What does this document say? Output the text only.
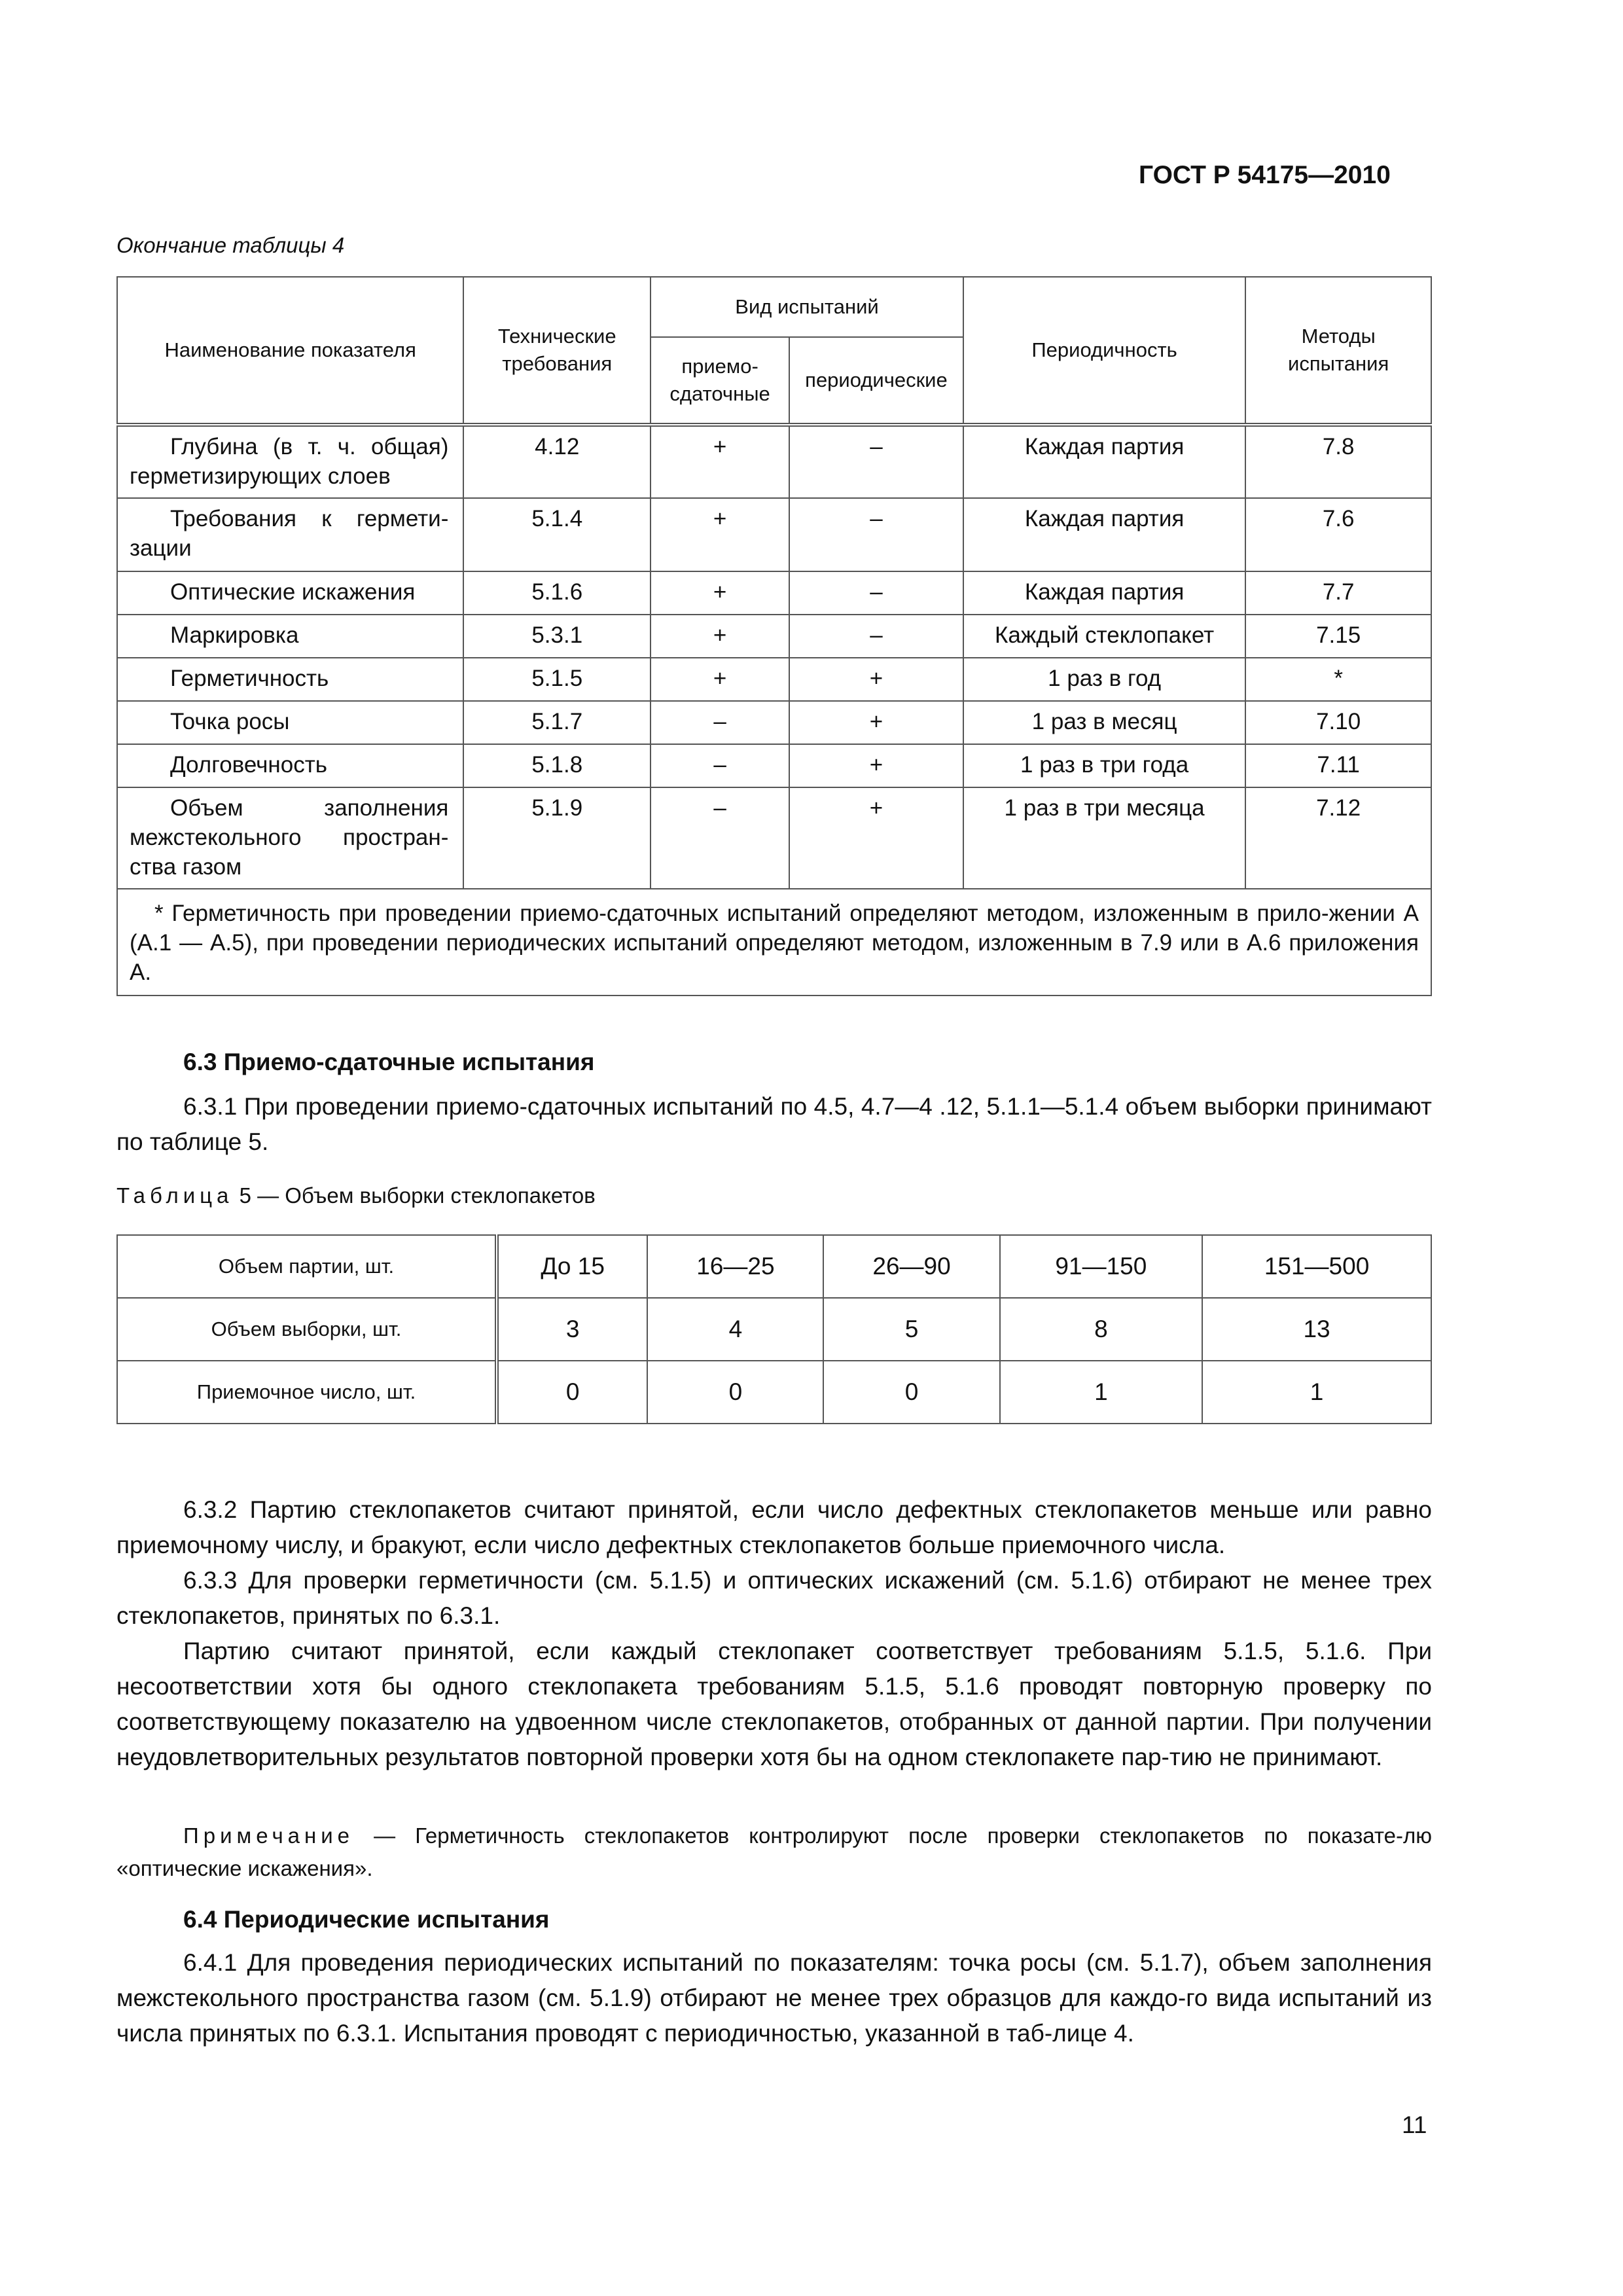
ГОСТ Р 54175—2010
Окончание таблицы 4
Наименование показателя	Технические требования	Вид испытаний		Периодичность	Методы испытания
		приемо-сдаточные	периодические		
Глубина (в т. ч. общая) герметизирующих слоев	4.12	+	–	Каждая партия	7.8
Требования к гермети-зации	5.1.4	+	–	Каждая партия	7.6
Оптические искажения	5.1.6	+	–	Каждая партия	7.7
Маркировка	5.3.1	+	–	Каждый стеклопакет	7.15
Герметичность	5.1.5	+	+	1 раз в год	*
Точка росы	5.1.7	–	+	1 раз в месяц	7.10
Долговечность	5.1.8	–	+	1 раз в три года	7.11
Объем заполнения межстекольного простран-ства газом	5.1.9	–	+	1 раз в три месяца	7.12
* Герметичность при проведении приемо-сдаточных испытаний определяют методом, изложенным в прило-жении А (А.1 — А.5), при проведении периодических испытаний определяют методом, изложенным в 7.9 или в А.6 приложения А.					
6.3 Приемо-сдаточные испытания

6.3.1 При проведении приемо-сдаточных испытаний по 4.5, 4.7—4 .12, 5.1.1—5.1.4 объем выборки принимают по таблице 5.

Таблица 5 — Объем выборки стеклопакетов
Объем партии, шт.	До 15	16—25	26—90	91—150	151—500
Объем выборки, шт.	3	4	5	8	13
Приемочное число, шт.	0	0	0	1	1

6.3.2 Партию стеклопакетов считают принятой, если число дефектных стеклопакетов меньше или равно приемочному числу, и бракуют, если число дефектных стеклопакетов больше приемочного числа.

6.3.3 Для проверки герметичности (см. 5.1.5) и оптических искажений (см. 5.1.6) отбирают не менее трех стеклопакетов, принятых по 6.3.1.

Партию считают принятой, если каждый стеклопакет соответствует требованиям 5.1.5, 5.1.6. При несоответствии хотя бы одного стеклопакета требованиям 5.1.5, 5.1.6 проводят повторную проверку по соответствующему показателю на удвоенном числе стеклопакетов, отобранных от данной партии. При получении неудовлетворительных результатов повторной проверки хотя бы на одном стеклопакете пар-тию не принимают.

Примечание — Герметичность стеклопакетов контролируют после проверки стеклопакетов по показате-лю «оптические искажения».

6.4 Периодические испытания

6.4.1 Для проведения периодических испытаний по показателям: точка росы (см. 5.1.7), объем заполнения межстекольного пространства газом (см. 5.1.9) отбирают не менее трех образцов для каждо-го вида испытаний из числа принятых по 6.3.1. Испытания проводят с периодичностью, указанной в таб-лице 4.

11
